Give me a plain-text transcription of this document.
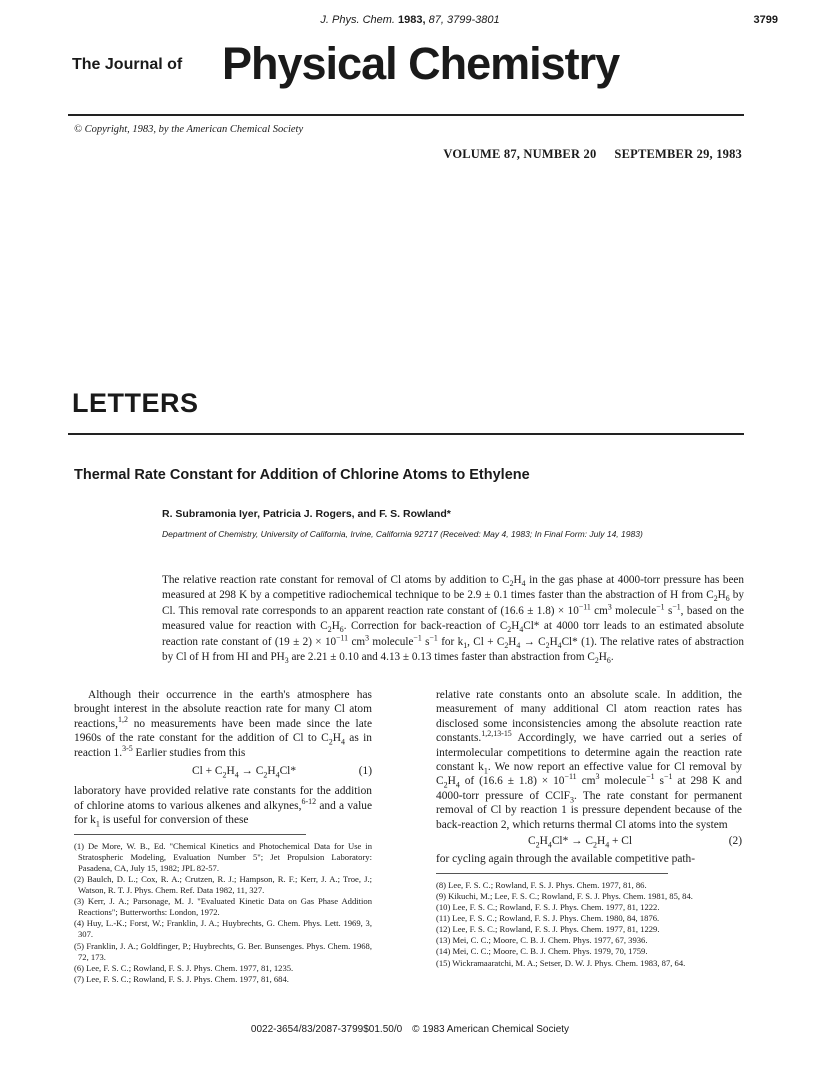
J. Phys. Chem. 1983, 87, 3799-3801	3799
The Journal of Physical Chemistry
© Copyright, 1983, by the American Chemical Society
VOLUME 87, NUMBER 20 SEPTEMBER 29, 1983
LETTERS
Thermal Rate Constant for Addition of Chlorine Atoms to Ethylene
R. Subramonia Iyer, Patricia J. Rogers, and F. S. Rowland*
Department of Chemistry, University of California, Irvine, California 92717 (Received: May 4, 1983; In Final Form: July 14, 1983)
The relative reaction rate constant for removal of Cl atoms by addition to $C_2H_4$ in the gas phase at 4000-torr pressure has been measured at 298 K by a competitive radiochemical technique to be 2.9 ± 0.1 times faster than the abstraction of H from $C_2H_6$ by Cl. This removal rate corresponds to an apparent reaction rate constant of $(16.6 \pm 1.8) \times 10^{-11}$ $cm^3$ molecule$^{-1}$ $s^{-1}$, based on the measured value for reaction with $C_2H_6$. Correction for back-reaction of $C_2H_4Cl*$ at 4000 torr leads to an estimated absolute reaction rate constant of $(19 \pm 2) \times 10^{-11}$ $cm^3$ molecule$^{-1}$ $s^{-1}$ for $k_1$, $Cl + C_2H_4 \to C_2H_4Cl*$ (1). The relative rates of abstraction by Cl of H from HI and $PH_3$ are 2.21 ± 0.10 and 4.13 ± 0.13 times faster than abstraction from $C_2H_6$.

Although their occurrence in the earth's atmosphere has brought interest in the absolute reaction rate for many Cl atom reactions,$^{1,2}$ no measurements have been made since the late 1960s of the rate constant for the addition of Cl to $C_2H_4$ as in reaction 1.$^{3-5}$ Earlier studies from this

$Cl + C_2H_4 \to C_2H_4Cl*$	(1)

laboratory have provided relative rate constants for the addition of chlorine atoms to various alkenes and alkynes,$^{6-12}$ and a value for $k_1$ is useful for conversion of these

(1) De More, W. B., Ed. "Chemical Kinetics and Photochemical Data for Use in Stratospheric Modeling, Evaluation Number 5"; Jet Propulsion Laboratory: Pasadena, CA, July 15, 1982; JPL 82-57.
(2) Baulch, D. L.; Cox, R. A.; Crutzen, R. J.; Hampson, R. F.; Kerr, J. A.; Troe, J.; Watson, R. T. J. Phys. Chem. Ref. Data 1982, 11, 327.
(3) Kerr, J. A.; Parsonage, M. J. "Evaluated Kinetic Data on Gas Phase Addition Reactions"; Butterworths: London, 1972.
(4) Huy, L.-K.; Forst, W.; Franklin, J. A.; Huybrechts, G. Chem. Phys. Lett. 1969, 3, 307.
(5) Franklin, J. A.; Goldfinger, P.; Huybrechts, G. Ber. Bunsenges. Phys. Chem. 1968, 72, 173.
(6) Lee, F. S. C.; Rowland, F. S. J. Phys. Chem. 1977, 81, 1235.
(7) Lee, F. S. C.; Rowland, F. S. J. Phys. Chem. 1977, 81, 684.

relative rate constants onto an absolute scale. In addition, the measurement of many additional Cl atom reaction rates has disclosed some inconsistencies among the absolute reaction rate constants.$^{1,2,13-15}$ Accordingly, we have carried out a series of intermolecular competitions to determine again the reaction rate constant $k_1$. We now report an effective value for Cl removal by $C_2H_4$ of $(16.6 \pm 1.8) \times 10^{-11}$ $cm^3$ molecule$^{-1}$ $s^{-1}$ at 298 K and 4000-torr pressure of CClF$_3$. The rate constant for permanent removal of Cl by reaction 1 is pressure dependent because of the back-reaction 2, which returns thermal Cl atoms into the system

$C_2H_4Cl* \to C_2H_4 + Cl$	(2)

for cycling again through the available competitive path-

(8) Lee, F. S. C.; Rowland, F. S. J. Phys. Chem. 1977, 81, 86.
(9) Kikuchi, M.; Lee, F. S. C.; Rowland, F. S. J. Phys. Chem. 1981, 85, 84.
(10) Lee, F. S. C.; Rowland, F. S. J. Phys. Chem. 1977, 81, 1222.
(11) Lee, F. S. C.; Rowland, F. S. J. Phys. Chem. 1980, 84, 1876.
(12) Lee, F. S. C.; Rowland, F. S. J. Phys. Chem. 1977, 81, 1229.
(13) Mei, C. C.; Moore, C. B. J. Chem. Phys. 1977, 67, 3936.
(14) Mei, C. C.; Moore, C. B. J. Chem. Phys. 1979, 70, 1759.
(15) Wickramaaratchi, M. A.; Setser, D. W. J. Phys. Chem. 1983, 87, 64.
0022-3654/83/2087-3799$01.50/0 © 1983 American Chemical Society
